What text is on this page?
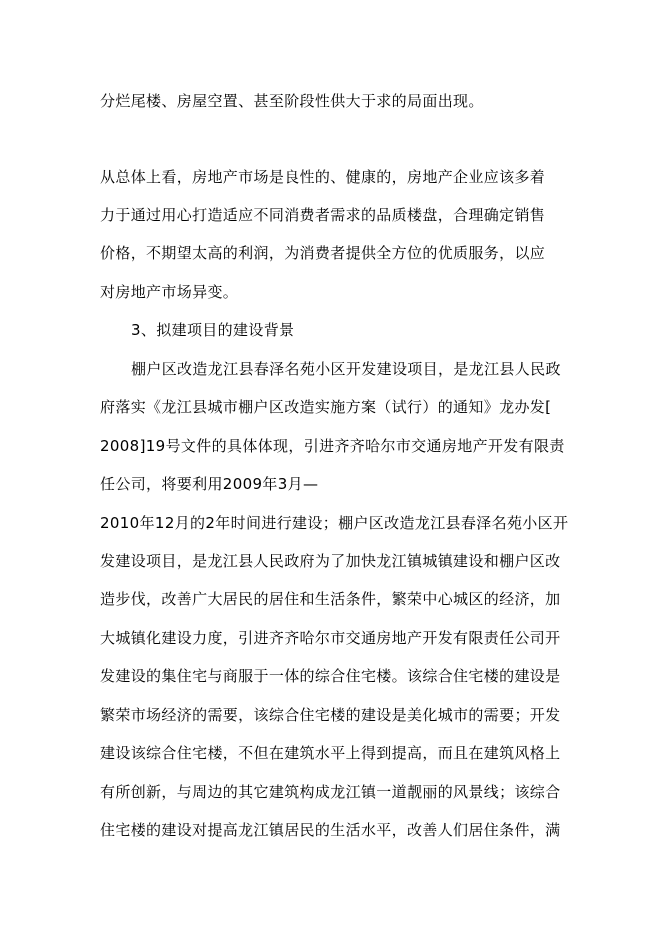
分烂尾楼、房屋空置、甚至阶段性供大于求的局面出现。
从总体上看，房地产市场是良性的、健康的，房地产企业应该多着
力于通过用心打造适应不同消费者需求的品质楼盘，合理确定销售
价格，不期望太高的利润，为消费者提供全方位的优质服务，以应
对房地产市场异变。
3、拟建项目的建设背景
棚户区改造龙江县春泽名苑小区开发建设项目，是龙江县人民政
府落实《龙江县城市棚户区改造实施方案（试行）的通知》龙办发[
2008]19号文件的具体体现，引进齐齐哈尔市交通房地产开发有限责
任公司，将要利用2009年3月—
2010年12月的2年时间进行建设；棚户区改造龙江县春泽名苑小区开
发建设项目，是龙江县人民政府为了加快龙江镇城镇建设和棚户区改
造步伐，改善广大居民的居住和生活条件，繁荣中心城区的经济，加
大城镇化建设力度，引进齐齐哈尔市交通房地产开发有限责任公司开
发建设的集住宅与商服于一体的综合住宅楼。该综合住宅楼的建设是
繁荣市场经济的需要，该综合住宅楼的建设是美化城市的需要；开发
建设该综合住宅楼，不但在建筑水平上得到提高，而且在建筑风格上
有所创新，与周边的其它建筑构成龙江镇一道靓丽的风景线；该综合
住宅楼的建设对提高龙江镇居民的生活水平，改善人们居住条件，满
